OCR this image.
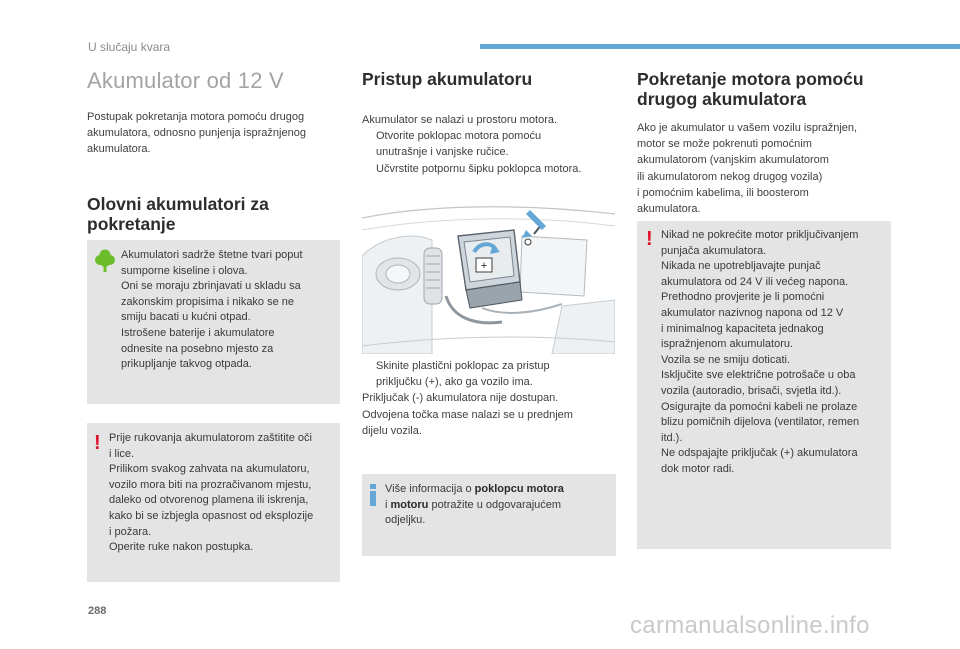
U slučaju kvara
Akumulator od 12 V
Postupak pokretanja motora pomoću drugog
akumulatora, odnosno punjenja ispražnjenog
akumulatora.
Olovni akumulatori za
pokretanje
Akumulatori sadrže štetne tvari poput
sumporne kiseline i olova.
Oni se moraju zbrinjavati u skladu sa
zakonskim propisima i nikako se ne
smiju bacati u kućni otpad.
Istrošene baterije i akumulatore
odnesite na posebno mjesto za
prikupljanje takvog otpada.
! Prije rukovanja akumulatorom zaštitite oči
i lice.
Prilikom svakog zahvata na akumulatoru,
vozilo mora biti na prozračivanom mjestu,
daleko od otvorenog plamena ili iskrenja,
kako bi se izbjegla opasnost od eksplozije
i požara.
Operite ruke nakon postupka.
Pristup akumulatoru
Akumulator se nalazi u prostoru motora.
Otvorite poklopac motora pomoću
unutrašnje i vanjske ručice.
Učvrstite potpornu šipku poklopca motora.
+
Skinite plastični poklopac za pristup
priključku (+), ako ga vozilo ima.
Priključak (-) akumulatora nije dostupan.
Odvojena točka mase nalazi se u prednjem
dijelu vozila.
Više informacija o poklopcu motora
i motoru potražite u odgovarajućem
odjeljku.
Pokretanje motora pomoću
drugog akumulatora
Ako je akumulator u vašem vozilu ispražnjen,
motor se može pokrenuti pomoćnim
akumulatorom (vanjskim akumulatorom
ili akumulatorom nekog drugog vozila)
i pomoćnim kabelima, ili boosterom
akumulatora.
! Nikad ne pokrećite motor priključivanjem
punjača akumulatora.
Nikada ne upotrebljavajte punjač
akumulatora od 24 V ili većeg napona.
Prethodno provjerite je li pomoćni
akumulator nazivnog napona od 12 V
i minimalnog kapaciteta jednakog
ispražnjenom akumulatoru.
Vozila se ne smiju doticati.
Isključite sve električne potrošače u oba
vozila (autoradio, brisači, svjetla itd.).
Osigurajte da pomoćni kabeli ne prolaze
blizu pomičnih dijelova (ventilator, remen
itd.).
Ne odspajajte priključak (+) akumulatora
dok motor radi.
288
carmanualsonline.info
